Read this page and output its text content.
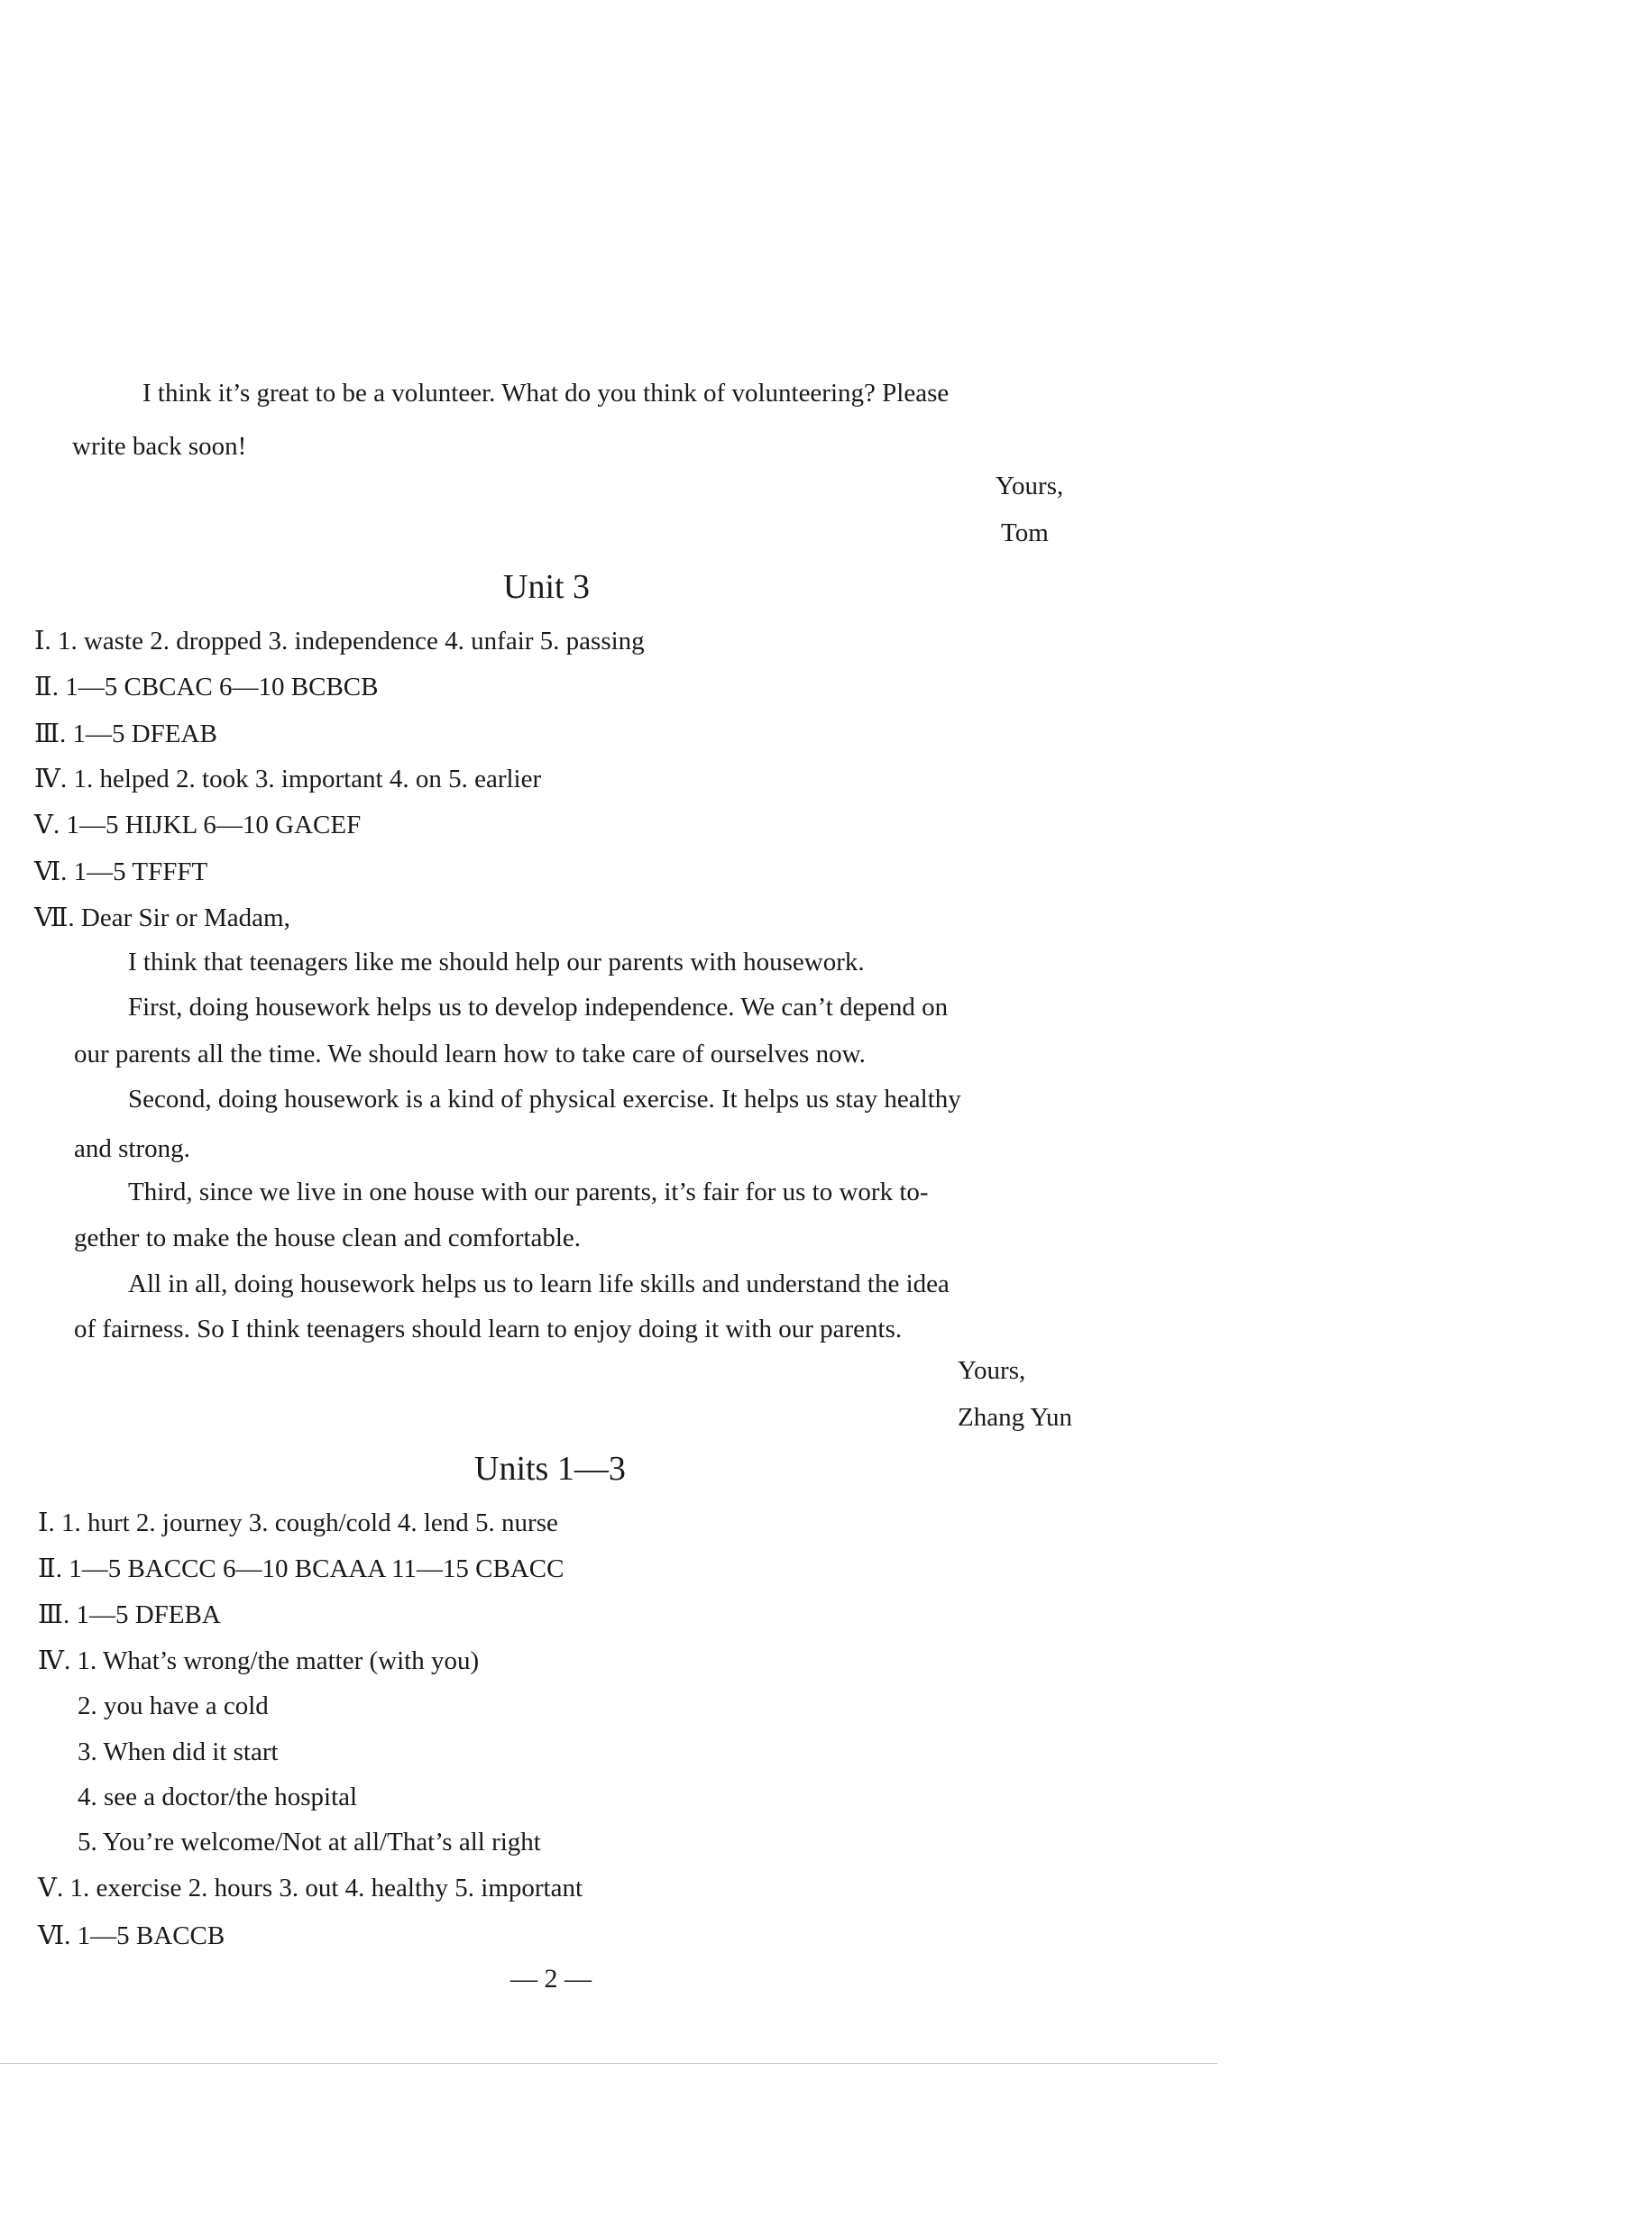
I think it’s great to be a volunteer. What do you think of volunteering? Please
write back soon!
Yours,
Tom
Unit 3
Ⅰ. 1. waste 2. dropped 3. independence 4. unfair 5. passing
Ⅱ. 1—5 CBCAC 6—10 BCBCB
Ⅲ. 1—5 DFEAB
Ⅳ. 1. helped 2. took 3. important 4. on 5. earlier
Ⅴ. 1—5 HIJKL 6—10 GACEF
Ⅵ. 1—5 TFFFT
Ⅶ. Dear Sir or Madam,
I think that teenagers like me should help our parents with housework.
First, doing housework helps us to develop independence. We can’t depend on
our parents all the time. We should learn how to take care of ourselves now.
Second, doing housework is a kind of physical exercise. It helps us stay healthy
and strong.
Third, since we live in one house with our parents, it’s fair for us to work to-
gether to make the house clean and comfortable.
All in all, doing housework helps us to learn life skills and understand the idea
of fairness. So I think teenagers should learn to enjoy doing it with our parents.
Yours,
Zhang Yun
Units 1—3
Ⅰ. 1. hurt 2. journey 3. cough/cold 4. lend 5. nurse
Ⅱ. 1—5 BACCC 6—10 BCAAA 11—15 CBACC
Ⅲ. 1—5 DFEBA
Ⅳ. 1. What’s wrong/the matter (with you)
2. you have a cold
3. When did it start
4. see a doctor/the hospital
5. You’re welcome/Not at all/That’s all right
Ⅴ. 1. exercise 2. hours 3. out 4. healthy 5. important
Ⅵ. 1—5 BACCB
— 2 —
